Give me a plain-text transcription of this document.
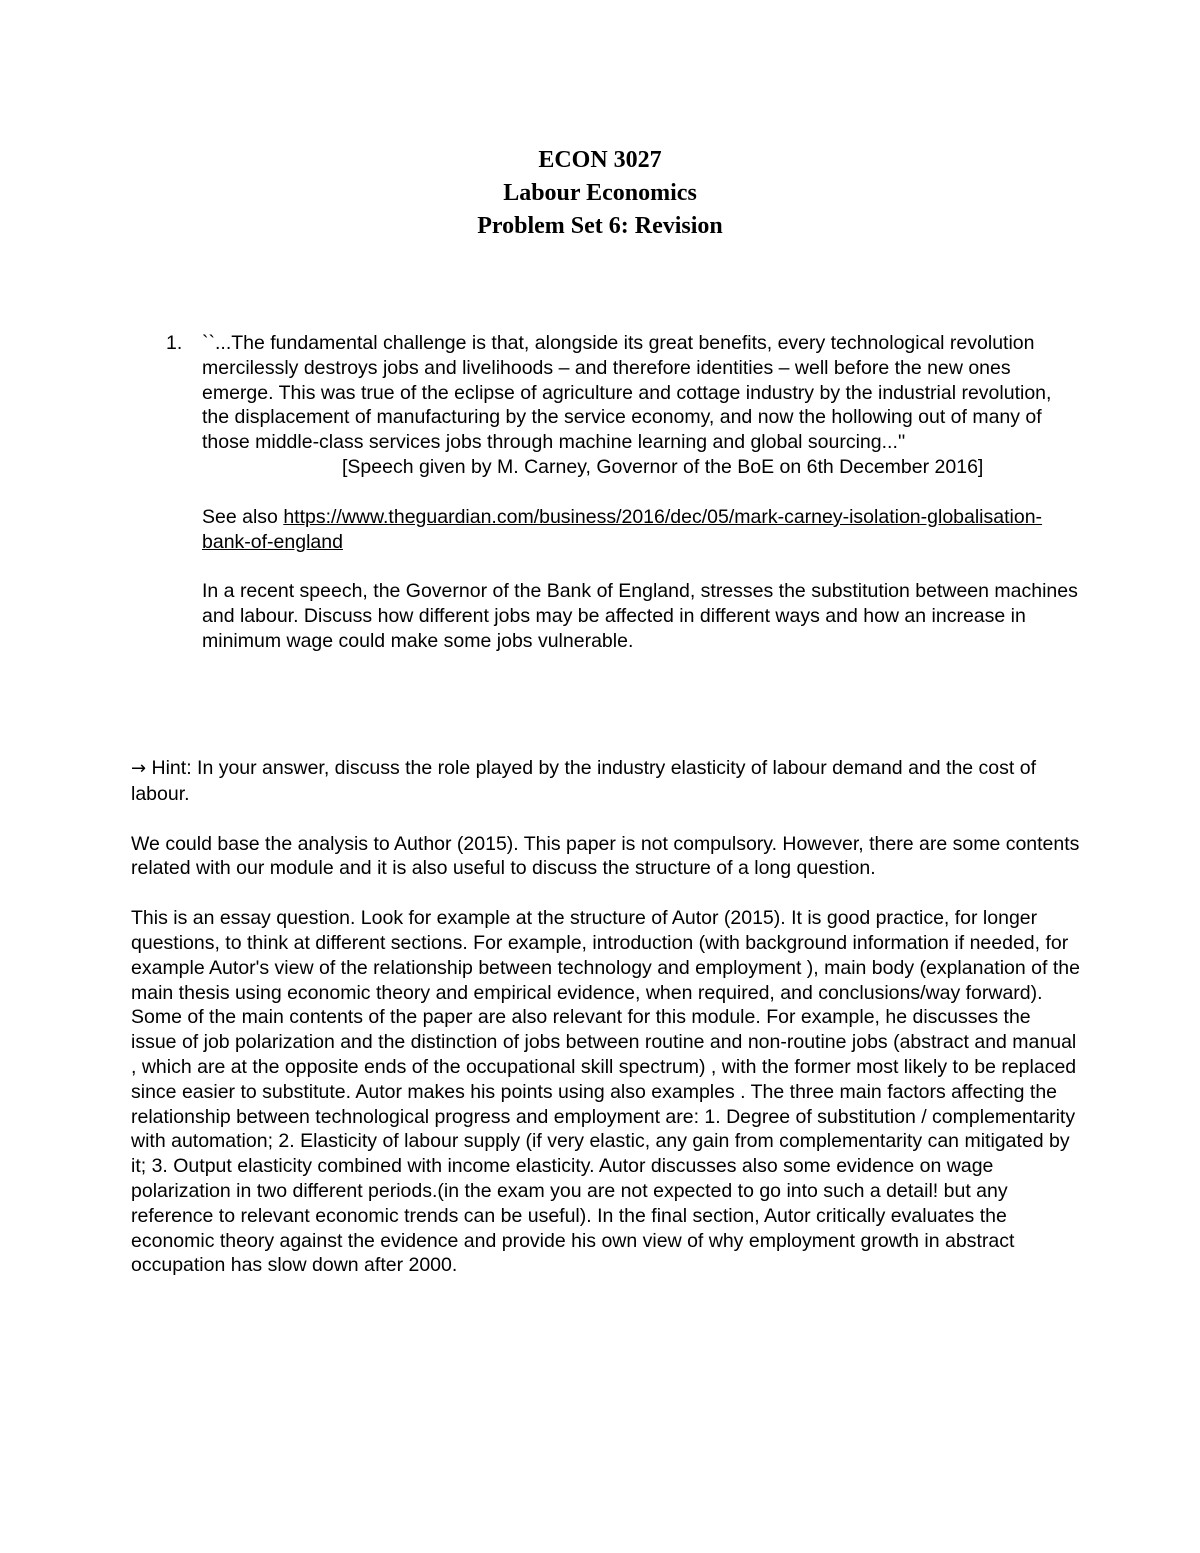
ECON 3027
Labour Economics
Problem Set 6: Revision
1.	``...The fundamental challenge is that, alongside its great benefits, every technological revolution mercilessly destroys jobs and livelihoods – and therefore identities – well before the new ones emerge. This was true of the eclipse of agriculture and cottage industry by the industrial revolution, the displacement of manufacturing by the service economy, and now the hollowing out of many of those middle-class services jobs through machine learning and global sourcing...''

[Speech given by M. Carney, Governor of the BoE on 6th December 2016]

See also https://www.theguardian.com/business/2016/dec/05/mark-carney-isolation-globalisation-bank-of-england

In a recent speech, the Governor of the Bank of England, stresses the substitution between machines and labour. Discuss how different jobs may be affected in different ways and how an increase in minimum wage could make some jobs vulnerable.

→ Hint: In your answer, discuss the role played by the industry elasticity of labour demand and the cost of labour.

We could base the analysis to Author (2015). This paper is not compulsory. However, there are some contents related with our module and it is also useful to discuss the structure of a long question.

This is an essay question. Look for example at the structure of Autor (2015). It is good practice, for longer questions, to think at different sections. For example, introduction (with background information if needed, for example Autor's view of the relationship between technology and employment ), main body (explanation of the main thesis using economic theory and empirical evidence, when required, and conclusions/way forward). Some of the main contents of the paper are also relevant for this module. For example, he discusses the issue of job polarization and the distinction of jobs between routine and non-routine jobs (abstract and manual , which are at the opposite ends of the occupational skill spectrum) , with the former most likely to be replaced since easier to substitute. Autor makes his points using also examples . The three main factors affecting the relationship between technological progress and employment are: 1. Degree of substitution / complementarity with automation; 2. Elasticity of labour supply (if very elastic, any gain from complementarity can mitigated by it; 3. Output elasticity combined with income elasticity. Autor discusses also some evidence on wage polarization in two different periods.(in the exam you are not expected to go into such a detail! but any reference to relevant economic trends can be useful). In the final section, Autor critically evaluates the economic theory against the evidence and provide his own view of why employment growth in abstract occupation has slow down after 2000.
